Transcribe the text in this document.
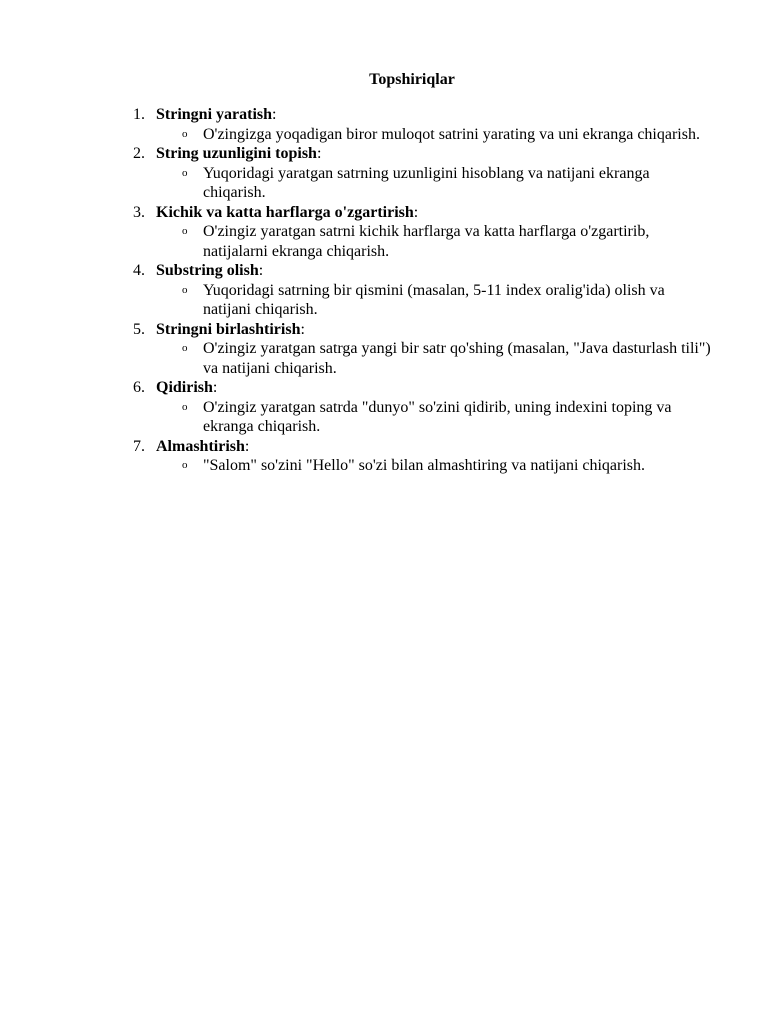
Topshiriqlar
1. Stringni yaratish:
o O'zingizga yoqadigan biror muloqot satrini yarating va uni ekranga chiqarish.
2. String uzunligini topish:
o Yuqoridagi yaratgan satrning uzunligini hisoblang va natijani ekranga chiqarish.
3. Kichik va katta harflarga o'zgartirish:
o O'zingiz yaratgan satrni kichik harflarga va katta harflarga o'zgartirib, natijalarni ekranga chiqarish.
4. Substring olish:
o Yuqoridagi satrning bir qismini (masalan, 5-11 index oralig'ida) olish va natijani chiqarish.
5. Stringni birlashtirish:
o O'zingiz yaratgan satrga yangi bir satr qo'shing (masalan, "Java dasturlash tili") va natijani chiqarish.
6. Qidirish:
o O'zingiz yaratgan satrda "dunyo" so'zini qidirib, uning indexini toping va ekranga chiqarish.
7. Almashtirish:
o "Salom" so'zini "Hello" so'zi bilan almashtiring va natijani chiqarish.
